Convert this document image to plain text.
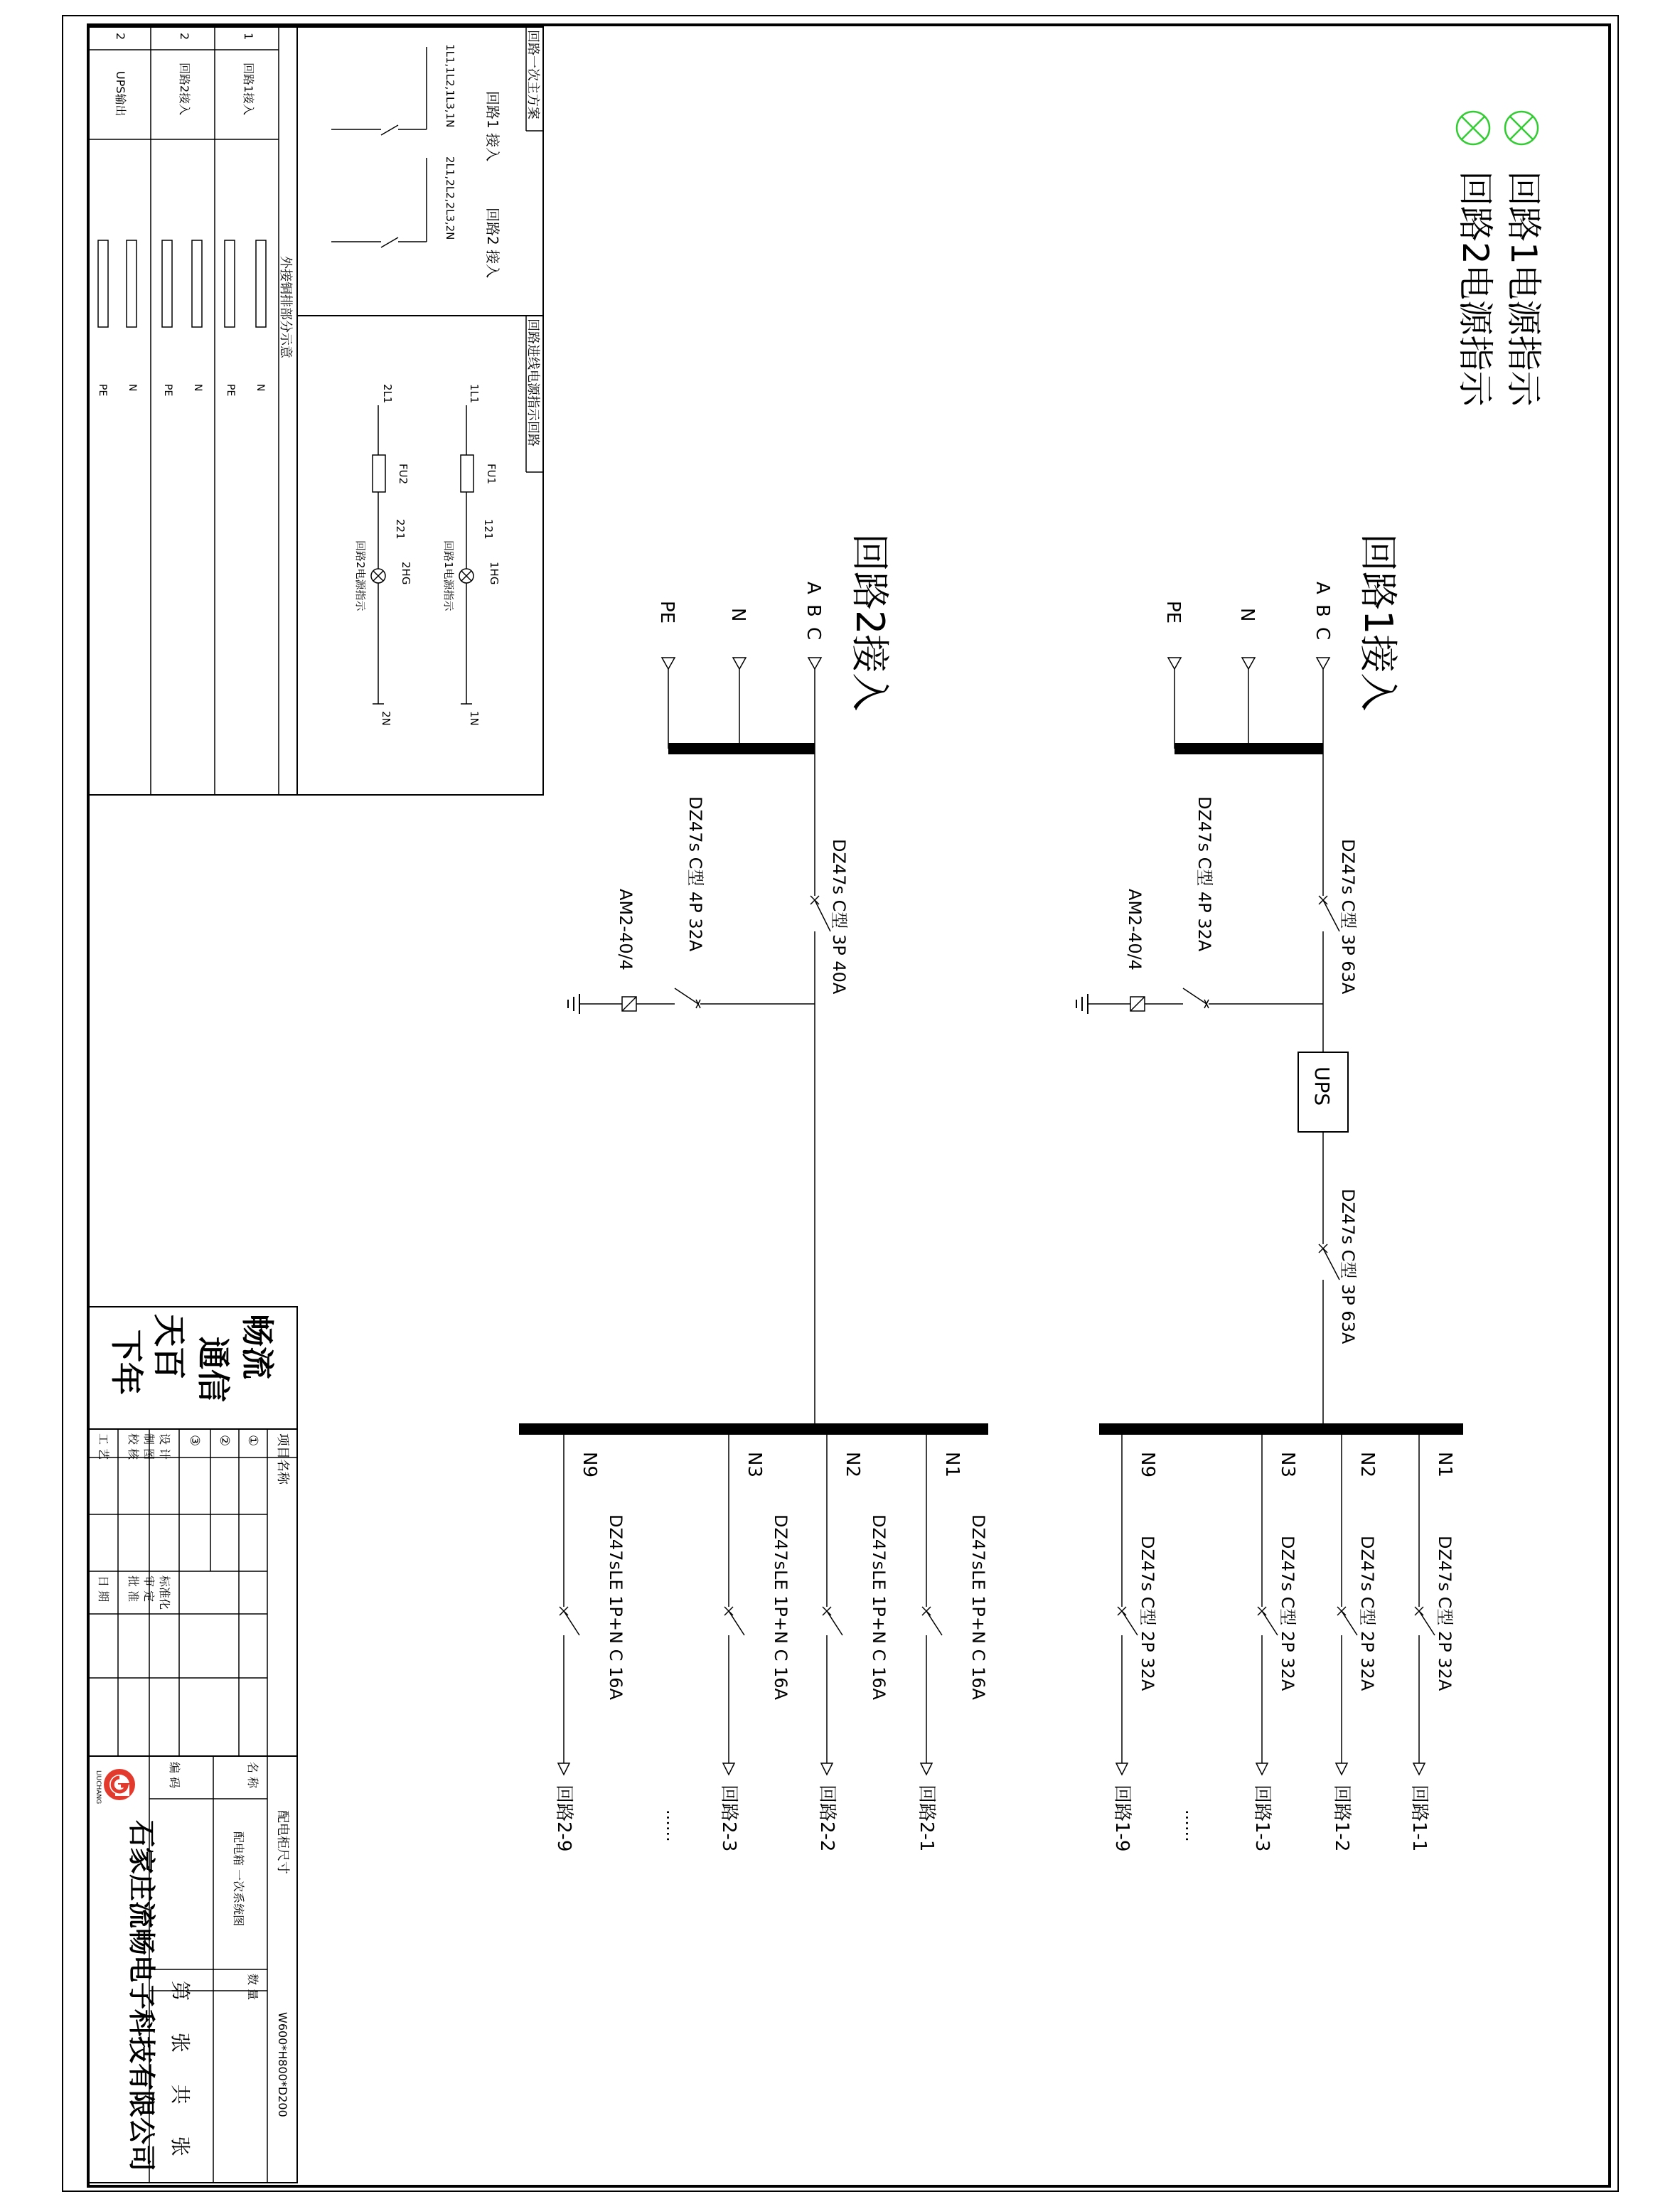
回路1电源指示
回路2电源指示
回路1接入
A
B
C
N
PE
DZ47s C型 3P 63A
DZ47s C型 4P 32A
AM2-40/4
UPS
DZ47s C型 3P 63A
N1
DZ47s C型 2P 32A
回路1-1
N2
DZ47s C型 2P 32A
回路1-2
N3
DZ47s C型 2P 32A
回路1-3
......
N9
DZ47s C型 2P 32A
回路1-9
回路2接入
A
B
C
N
PE
DZ47s C型 3P 40A
DZ47s C型 4P 32A
AM2-40/4
N1
DZ47sLE 1P+N C 16A
回路2-1
N2
DZ47sLE 1P+N C 16A
回路2-2
N3
DZ47sLE 1P+N C 16A
回路2-3
......
N9
DZ47sLE 1P+N C 16A
回路2-9
回路一次主方案
回路1 接入
回路2 接入
1L1,1L2,1L3,1N
2L1,2L2,2L3,2N
回路进线电源指示回路
1L1
FU1
121
1HG
回路1电源指示
1N
2L1
FU2
221
2HG
回路2电源指示
2N
外接铜排部分示意
1
回路1接入
2
回路2接入
2
UPS输出
N
PE
N
PE
N
PE
畅流
通信
天百
下年
项目名称
①
②
③
设 计
制 图
校 核
工 艺
标准化
审 定
批 准
日 期
名 称
编 码
配电柜尺寸
配电箱 一次系统图
数 量
W600*H800*D200
第 张 共 张
LIUCHANG
石家庄流畅电子科技有限公司
